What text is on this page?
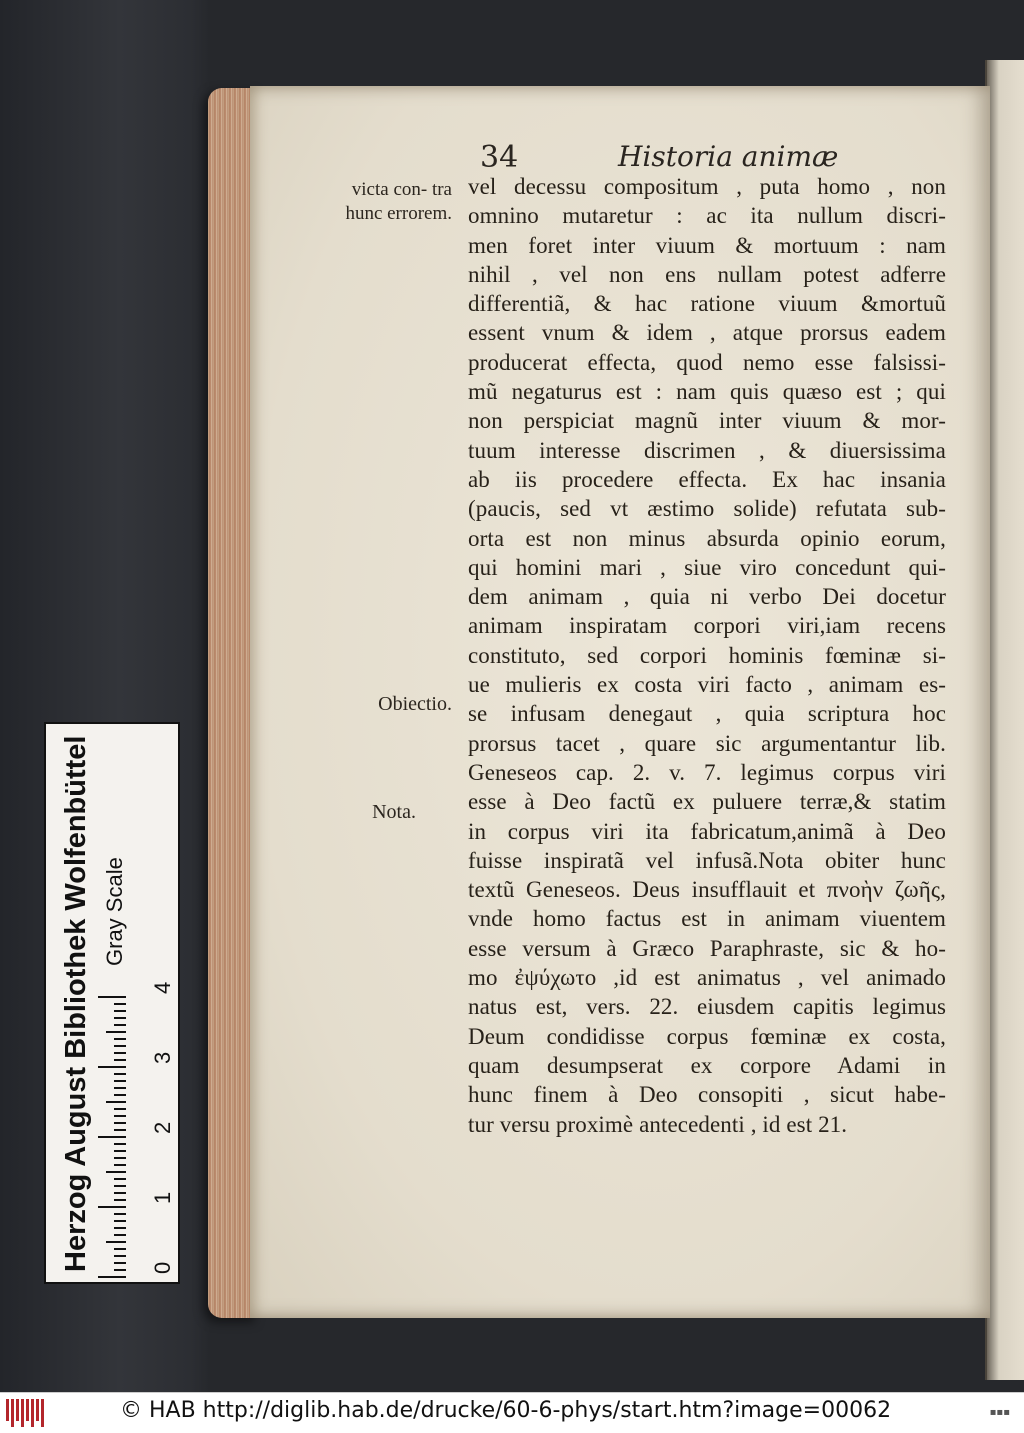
34	Historia animæ
victa con- tra hunc errorem.
Obiectio.
Nota.
vel decessu compositum , puta homo , non
omnino mutaretur : ac ita nullum discri-
men foret inter viuum & mortuum : nam
nihil , vel non ens nullam potest adferre
differentiã, & hac ratione viuum &mortuũ
essent vnum & idem , atque prorsus eadem
producerat effecta, quod nemo esse falsissi-
mũ negaturus est : nam quis quæso est ; qui
non perspiciat magnũ inter viuum & mor-
tuum interesse discrimen , & diuersissima
ab iis procedere effecta. Ex hac insania
(paucis, sed vt æstimo solide) refutata sub-
orta est non minus absurda opinio eorum,
qui homini mari , siue viro concedunt qui-
dem animam , quia ni verbo Dei docetur
animam inspiratam corpori viri,iam recens
constituto, sed corpori hominis fœminæ si-
ue mulieris ex costa viri facto , animam es-
se infusam denegaut , quia scriptura hoc
prorsus tacet , quare sic argumentantur lib.
Geneseos cap. 2. v. 7. legimus corpus viri
esse à Deo factũ ex puluere terræ,& statim
in corpus viri ita fabricatum,animã à Deo
fuisse inspiratã vel infusã.Nota obiter hunc
textũ Geneseos. Deus insufflauit et πνοὴν ζωῆς,
vnde homo factus est in animam viuentem
esse versum à Græco Paraphraste, sic & ho-
mo ἐψύχωτο ,id est animatus , vel animado
natus est, vers. 22. eiusdem capitis legimus
Deum condidisse corpus fœminæ ex costa,
quam desumpserat ex corpore Adami in
hunc finem à Deo consopiti , sicut habe-
tur versu proximè antecedenti , id est 21.
Herzog August Bibliothek Wolfenbüttel Gray Scale
0
1
2
3
4
© HAB http://diglib.hab.de/drucke/60-6-phys/start.htm?image=00062	▪▪▪
